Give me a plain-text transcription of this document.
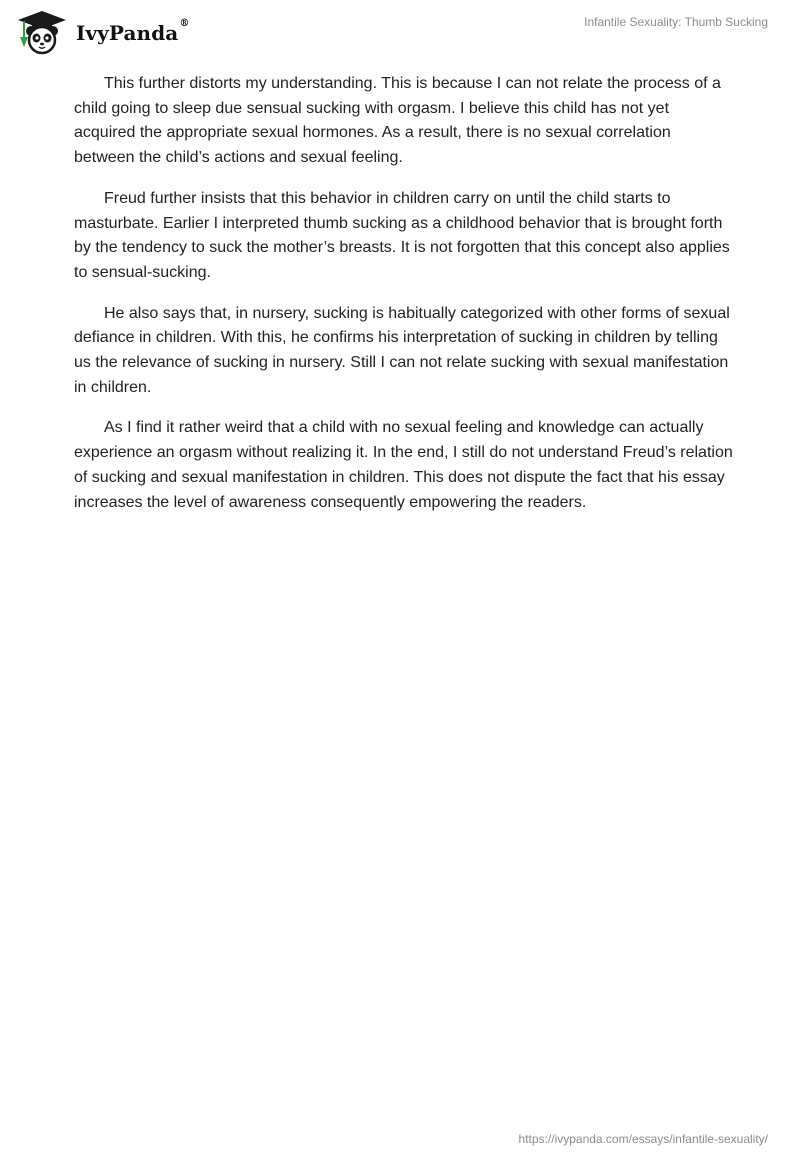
IvyPanda®	Infantile Sexuality: Thumb Sucking

This further distorts my understanding. This is because I can not relate the process of a child going to sleep due sensual sucking with orgasm. I believe this child has not yet acquired the appropriate sexual hormones. As a result, there is no sexual correlation between the child’s actions and sexual feeling.

Freud further insists that this behavior in children carry on until the child starts to masturbate. Earlier I interpreted thumb sucking as a childhood behavior that is brought forth by the tendency to suck the mother’s breasts. It is not forgotten that this concept also applies to sensual-sucking.

He also says that, in nursery, sucking is habitually categorized with other forms of sexual defiance in children. With this, he confirms his interpretation of sucking in children by telling us the relevance of sucking in nursery. Still I can not relate sucking with sexual manifestation in children.

As I find it rather weird that a child with no sexual feeling and knowledge can actually experience an orgasm without realizing it. In the end, I still do not understand Freud’s relation of sucking and sexual manifestation in children. This does not dispute the fact that his essay increases the level of awareness consequently empowering the readers.

https://ivypanda.com/essays/infantile-sexuality/
